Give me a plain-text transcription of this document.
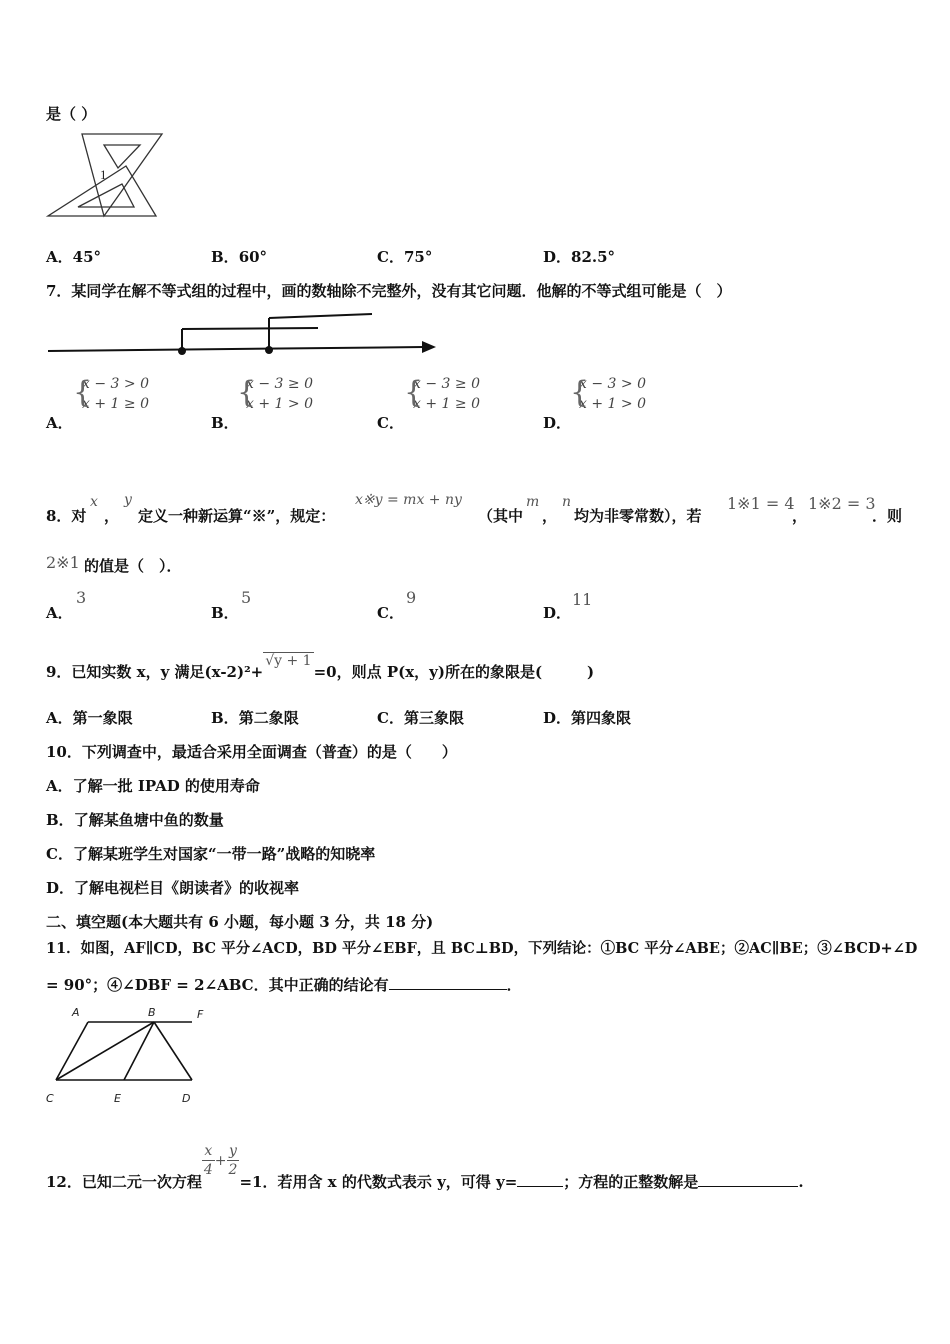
是（ ）
1
A．45°	B．60°	C．75°	D．82.5°
7．某同学在解不等式组的过程中，画的数轴除不完整外，没有其它问题．他解的不等式组可能是（　）
A．
{
x − 3 > 0
x + 1 ≥ 0
B．
{
x − 3 ≥ 0
x + 1 > 0
C．
{
x − 3 ≥ 0
x + 1 ≥ 0
D．
{
x − 3 > 0
x + 1 > 0
8．对
x
，
y
定义一种新运算“※”，规定：
x※y = mx + ny
（其中
m
，
n
均为非零常数），若
1※1 = 4
，
1※2 = 3
．则
2※1 的值是（　）．
A．
3
B．
5
C．
9
D．
11
9．已知实数 x，y 满足(x-2)²+√y + 1=0，则点 P(x，y)所在的象限是(　　　)
A．第一象限	B．第二象限	C．第三象限	D．第四象限
10．下列调查中，最适合采用全面调查（普查）的是（　　）
A．了解一批 IPAD 的使用寿命
B．了解某鱼塘中鱼的数量
C．了解某班学生对国家“一带一路”战略的知晓率
D．了解电视栏目《朗读者》的收视率
二、填空题(本大题共有 6 小题，每小题 3 分，共 18 分)
11．如图，AF∥CD，BC 平分∠ACD，BD 平分∠EBF，且 BC⊥BD，下列结论：①BC 平分∠ABE；②AC∥BE；③∠BCD+∠D
= 90°；④∠DBF = 2∠ABC．其中正确的结论有	．
A	B	F
C	E	D
12．已知二元一次方程
$\frac{x}{4} + \frac{y}{2}$
=1．若用含 x 的代数式表示 y，可得 y=	；方程的正整数解是	.
